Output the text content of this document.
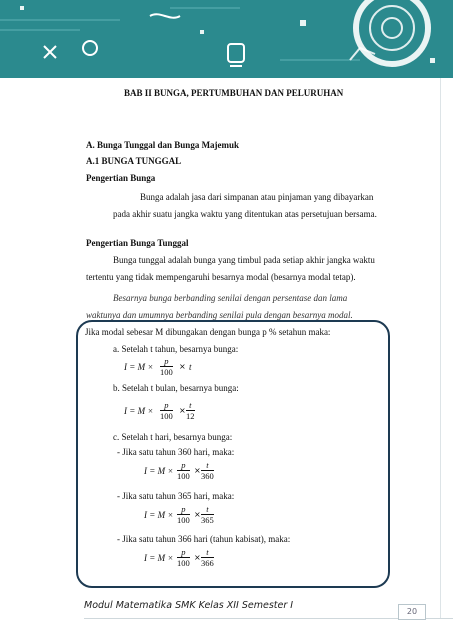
BAB II BUNGA, PERTUMBUHAN DAN PELURUHAN
A. Bunga Tunggal dan Bunga Majemuk
A.1 BUNGA TUNGGAL
Pengertian Bunga
Bunga adalah jasa dari simpanan atau pinjaman yang dibayarkan
pada akhir suatu jangka waktu yang ditentukan atas persetujuan bersama.
Pengertian Bunga Tunggal
Bunga tunggal adalah bunga yang timbul pada setiap akhir jangka waktu
tertentu yang tidak mempengaruhi besarnya modal (besarnya modal tetap).
Besarnya bunga berbanding senilai dengan persentase dan lama
waktunya dan umumnya berbanding senilai pula dengan besarnya modal.
Jika modal sebesar M dibungakan dengan bunga p % setahun maka:
a. Setelah t tahun, besarnya bunga:
$I = M \times \frac{p}{100} \times t$
b. Setelah t bulan, besarnya bunga:
$I = M \times \frac{p}{100} \times \frac{t}{12}$
c. Setelah t hari, besarnya bunga:
- Jika satu tahun 360 hari, maka:
$I = M \times \frac{p}{100} \times \frac{t}{360}$
- Jika satu tahun 365 hari, maka:
$I = M \times \frac{p}{100} \times \frac{t}{365}$
- Jika satu tahun 366 hari (tahun kabisat), maka:
$I = M \times \frac{p}{100} \times \frac{t}{366}$
Modul Matematika SMK Kelas XII Semester I
20
